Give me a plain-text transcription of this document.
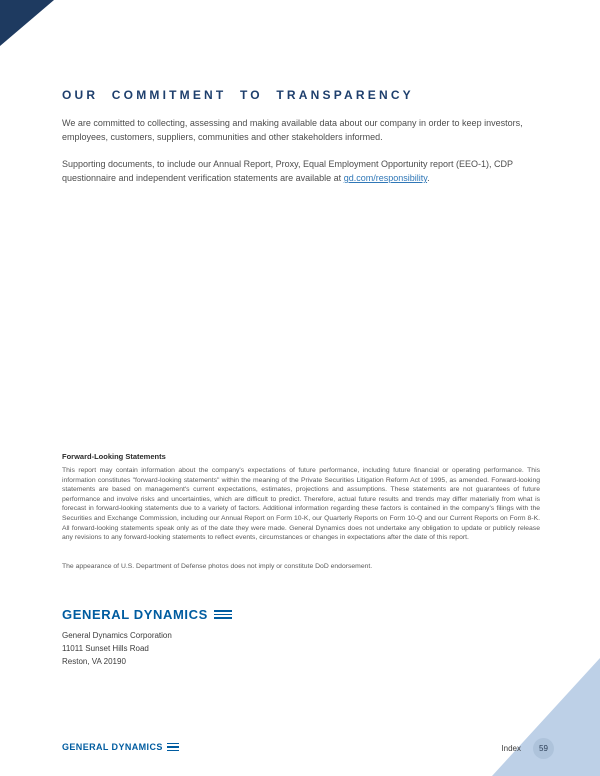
OUR COMMITMENT TO TRANSPARENCY

We are committed to collecting, assessing and making available data about our company in order to keep investors, employees, customers, suppliers, communities and other stakeholders informed.

Supporting documents, to include our Annual Report, Proxy, Equal Employment Opportunity report (EEO-1), CDP questionnaire and independent verification statements are available at gd.com/responsibility.

Forward-Looking Statements

This report may contain information about the company's expectations of future performance, including future financial or operating performance. This information constitutes "forward-looking statements" within the meaning of the Private Securities Litigation Reform Act of 1995, as amended. Forward-looking statements are based on management's current expectations, estimates, projections and assumptions. These statements are not guarantees of future performance and involve risks and uncertainties, which are difficult to predict. Therefore, actual future results and trends may differ materially from what is forecast in forward-looking statements due to a variety of factors. Additional information regarding these factors is contained in the company's filings with the Securities and Exchange Commission, including our Annual Report on Form 10-K, our Quarterly Reports on Form 10-Q and our Current Reports on Form 8-K. All forward-looking statements speak only as of the date they were made. General Dynamics does not undertake any obligation to update or publicly release any revisions to any forward-looking statements to reflect events, circumstances or changes in expectations after the date of this report.

The appearance of U.S. Department of Defense photos does not imply or constitute DoD endorsement.

GENERAL DYNAMICS

General Dynamics Corporation

11011 Sunset Hills Road

Reston, VA 20190

GENERAL DYNAMICS	Index	59
